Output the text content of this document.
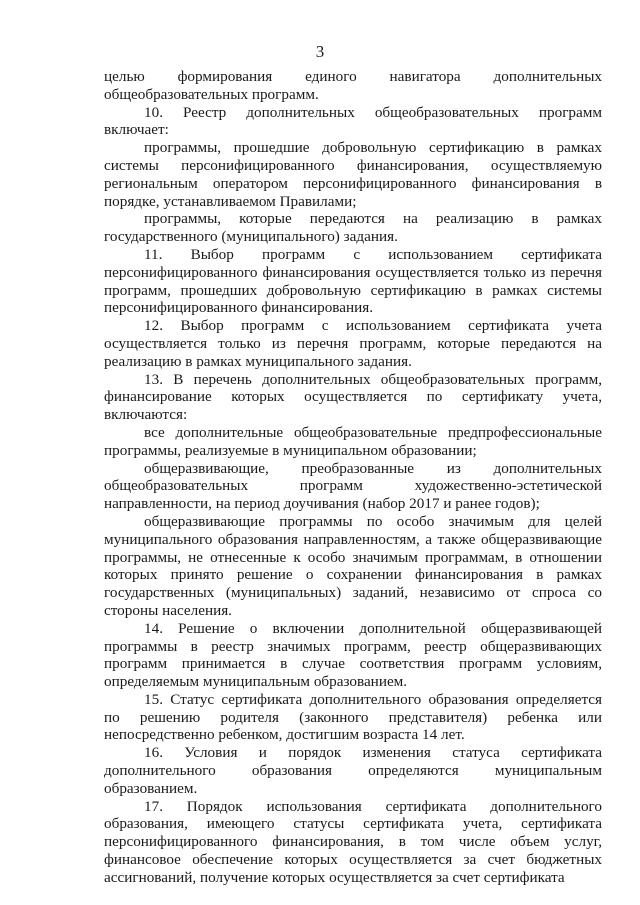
3

целью формирования единого навигатора дополнительных общеобразовательных программ.

10. Реестр дополнительных общеобразовательных программ включает:

программы, прошедшие добровольную сертификацию в рамках системы персонифицированного финансирования, осуществляемую региональным оператором персонифицированного финансирования в порядке, устанавливаемом Правилами;

программы, которые передаются на реализацию в рамках государственного (муниципального) задания.

11. Выбор программ с использованием сертификата персонифицированного финансирования осуществляется только из перечня программ, прошедших добровольную сертификацию в рамках системы персонифицированного финансирования.

12. Выбор программ с использованием сертификата учета осуществляется только из перечня программ, которые передаются на реализацию в рамках муниципального задания.

13. В перечень дополнительных общеобразовательных программ, финансирование которых осуществляется по сертификату учета, включаются:

все дополнительные общеобразовательные предпрофессиональные программы, реализуемые в муниципальном образовании;

общеразвивающие, преобразованные из дополнительных общеобразовательных программ художественно-эстетической направленности, на период доучивания (набор 2017 и ранее годов);

общеразвивающие программы по особо значимым для целей муниципального образования направленностям, а также общеразвивающие программы, не отнесенные к особо значимым программам, в отношении которых принято решение о сохранении финансирования в рамках государственных (муниципальных) заданий, независимо от спроса со стороны населения.

14. Решение о включении дополнительной общеразвивающей программы в реестр значимых программ, реестр общеразвивающих программ принимается в случае соответствия программ условиям, определяемым муниципальным образованием.

15. Статус сертификата дополнительного образования определяется по решению родителя (законного представителя) ребенка или непосредственно ребенком, достигшим возраста 14 лет.

16. Условия и порядок изменения статуса сертификата дополнительного образования определяются муниципальным образованием.

17. Порядок использования сертификата дополнительного образования, имеющего статусы сертификата учета, сертификата персонифицированного финансирования, в том числе объем услуг, финансовое обеспечение которых осуществляется за счет бюджетных ассигнований, получение которых осуществляется за счет сертификата
